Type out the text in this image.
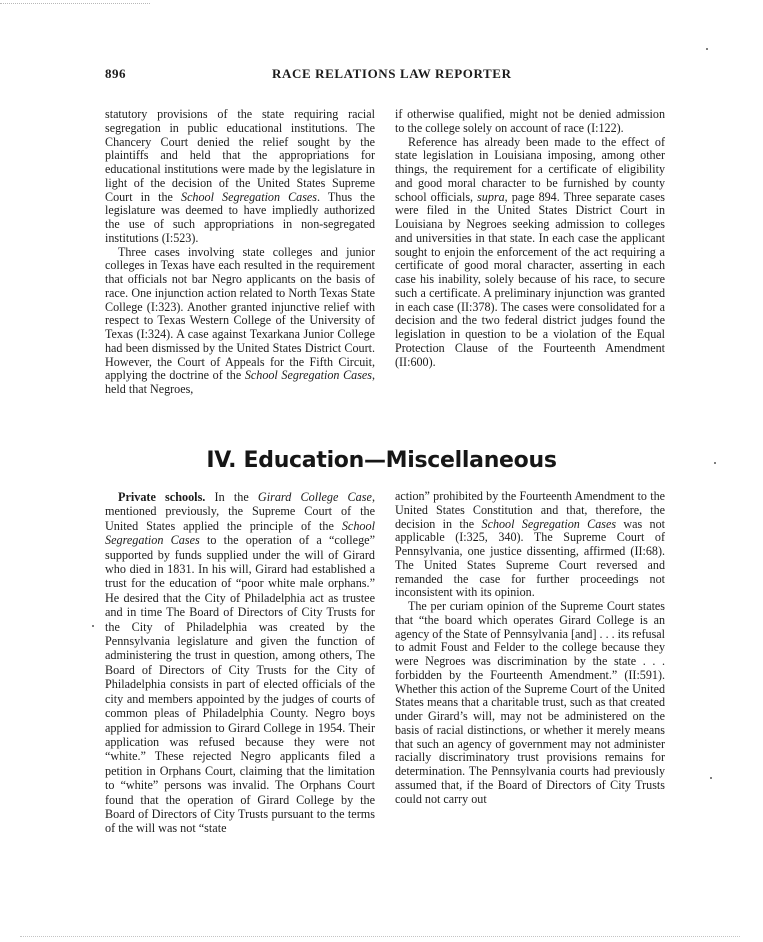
896	RACE RELATIONS LAW REPORTER

statutory provisions of the state requiring racial segregation in public educational institutions. The Chancery Court denied the relief sought by the plaintiffs and held that the appropriations for educational institutions were made by the legislature in light of the decision of the United States Supreme Court in the School Segregation Cases. Thus the legislature was deemed to have impliedly authorized the use of such appropriations in non-segregated institutions (I:523).

Three cases involving state colleges and junior colleges in Texas have each resulted in the requirement that officials not bar Negro applicants on the basis of race. One injunction action related to North Texas State College (I:323). Another granted injunctive relief with respect to Texas Western College of the University of Texas (I:324). A case against Texarkana Junior College had been dismissed by the United States District Court. However, the Court of Appeals for the Fifth Circuit, applying the doctrine of the School Segregation Cases, held that Negroes,

if otherwise qualified, might not be denied admission to the college solely on account of race (I:122).

Reference has already been made to the effect of state legislation in Louisiana imposing, among other things, the requirement for a certificate of eligibility and good moral character to be furnished by county school officials, supra, page 894. Three separate cases were filed in the United States District Court in Louisiana by Negroes seeking admission to colleges and universities in that state. In each case the applicant sought to enjoin the enforcement of the act requiring a certificate of good moral character, asserting in each case his inability, solely because of his race, to secure such a certificate. A preliminary injunction was granted in each case (II:378). The cases were consolidated for a decision and the two federal district judges found the legislation in question to be a violation of the Equal Protection Clause of the Fourteenth Amendment (II:600).

IV. Education—Miscellaneous

Private schools. In the Girard College Case, mentioned previously, the Supreme Court of the United States applied the principle of the School Segregation Cases to the operation of a “college” supported by funds supplied under the will of Girard who died in 1831. In his will, Girard had established a trust for the education of “poor white male orphans.” He desired that the City of Philadelphia act as trustee and in time The Board of Directors of City Trusts for the City of Philadelphia was created by the Pennsylvania legislature and given the function of administering the trust in question, among others, The Board of Directors of City Trusts for the City of Philadelphia consists in part of elected officials of the city and members appointed by the judges of courts of common pleas of Philadelphia County. Negro boys applied for admission to Girard College in 1954. Their application was refused because they were not “white.” These rejected Negro applicants filed a petition in Orphans Court, claiming that the limitation to “white” persons was invalid. The Orphans Court found that the operation of Girard College by the Board of Directors of City Trusts pursuant to the terms of the will was not “state

action” prohibited by the Fourteenth Amendment to the United States Constitution and that, therefore, the decision in the School Segregation Cases was not applicable (I:325, 340). The Supreme Court of Pennsylvania, one justice dissenting, affirmed (II:68). The United States Supreme Court reversed and remanded the case for further proceedings not inconsistent with its opinion.

The per curiam opinion of the Supreme Court states that “the board which operates Girard College is an agency of the State of Pennsylvania [and] . . . its refusal to admit Foust and Felder to the college because they were Negroes was discrimination by the state . . . forbidden by the Fourteenth Amendment.” (II:591). Whether this action of the Supreme Court of the United States means that a charitable trust, such as that created under Girard’s will, may not be administered on the basis of racial distinctions, or whether it merely means that such an agency of government may not administer racially discriminatory trust provisions remains for determination. The Pennsylvania courts had previously assumed that, if the Board of Directors of City Trusts could not carry out
